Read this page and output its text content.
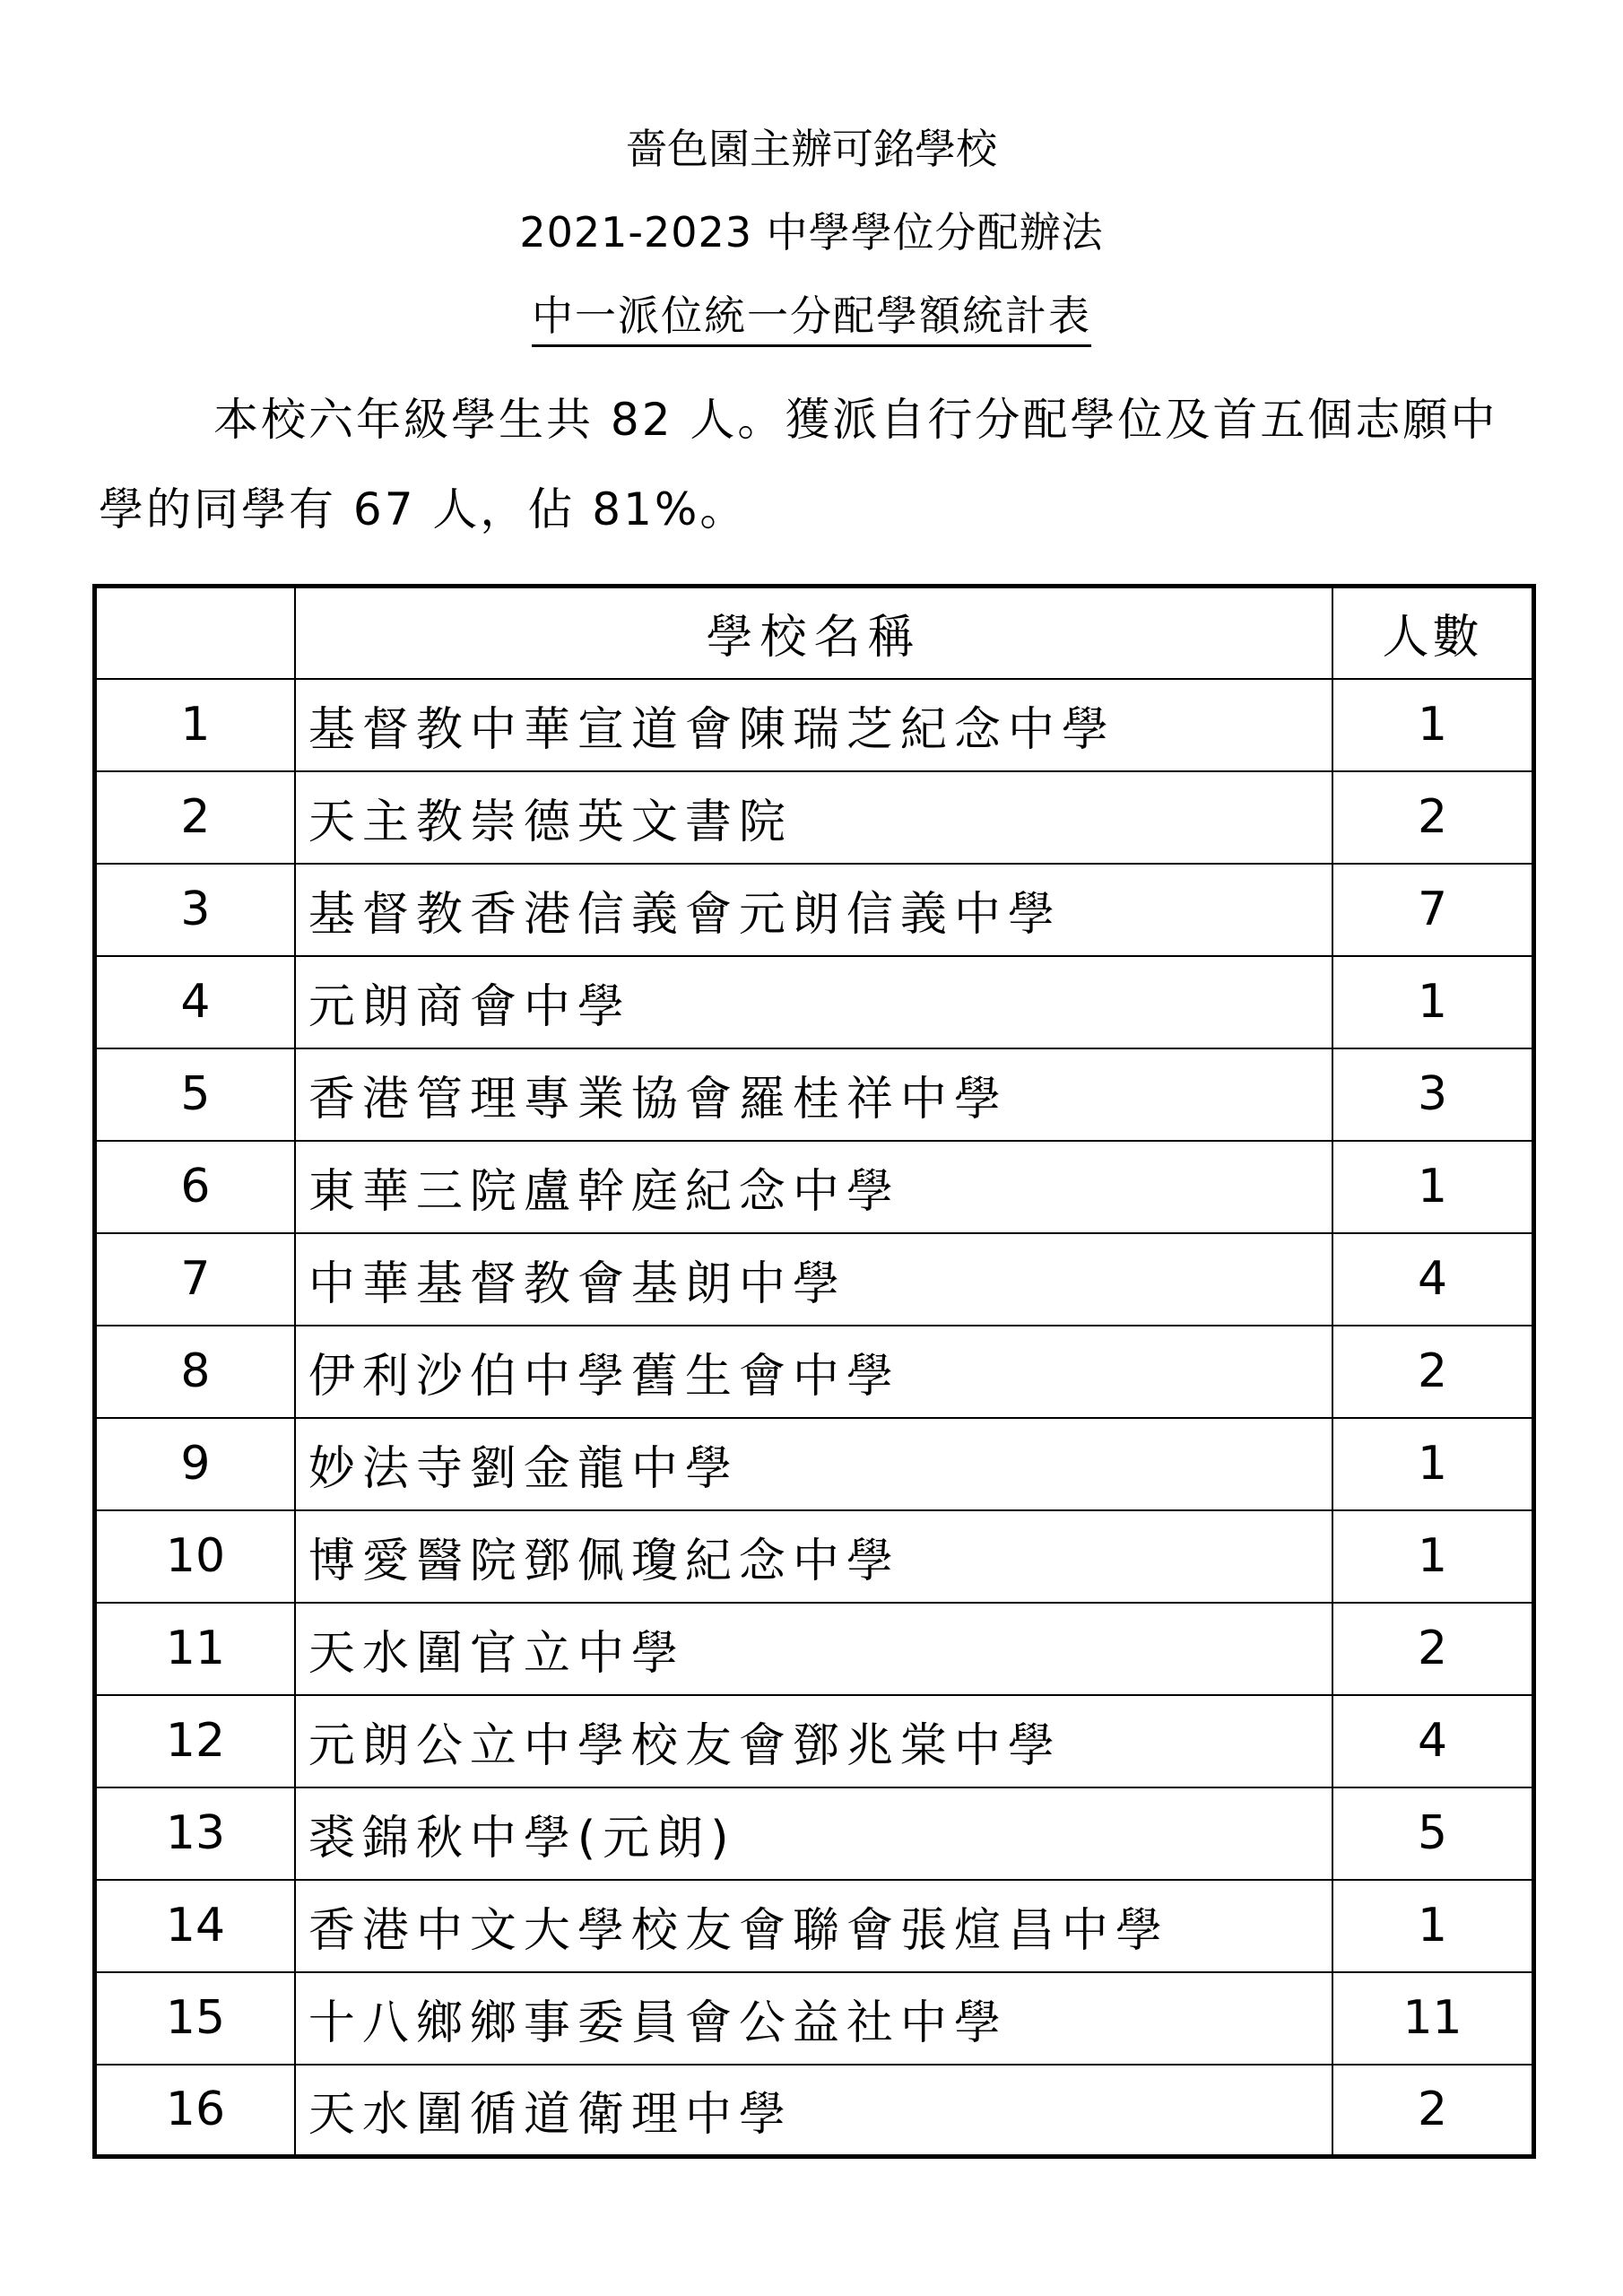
嗇色園主辦可銘學校
2021-2023 中學學位分配辦法
中一派位統一分配學額統計表

本校六年級學生共 82 人。獲派自行分配學位及首五個志願中學的同學有 67 人，佔 81%。

	學校名稱	人數
1	基督教中華宣道會陳瑞芝紀念中學	1
2	天主教崇德英文書院	2
3	基督教香港信義會元朗信義中學	7
4	元朗商會中學	1
5	香港管理專業協會羅桂祥中學	3
6	東華三院盧幹庭紀念中學	1
7	中華基督教會基朗中學	4
8	伊利沙伯中學舊生會中學	2
9	妙法寺劉金龍中學	1
10	博愛醫院鄧佩瓊紀念中學	1
11	天水圍官立中學	2
12	元朗公立中學校友會鄧兆棠中學	4
13	裘錦秋中學(元朗)	5
14	香港中文大學校友會聯會張煊昌中學	1
15	十八鄉鄉事委員會公益社中學	11
16	天水圍循道衛理中學	2
